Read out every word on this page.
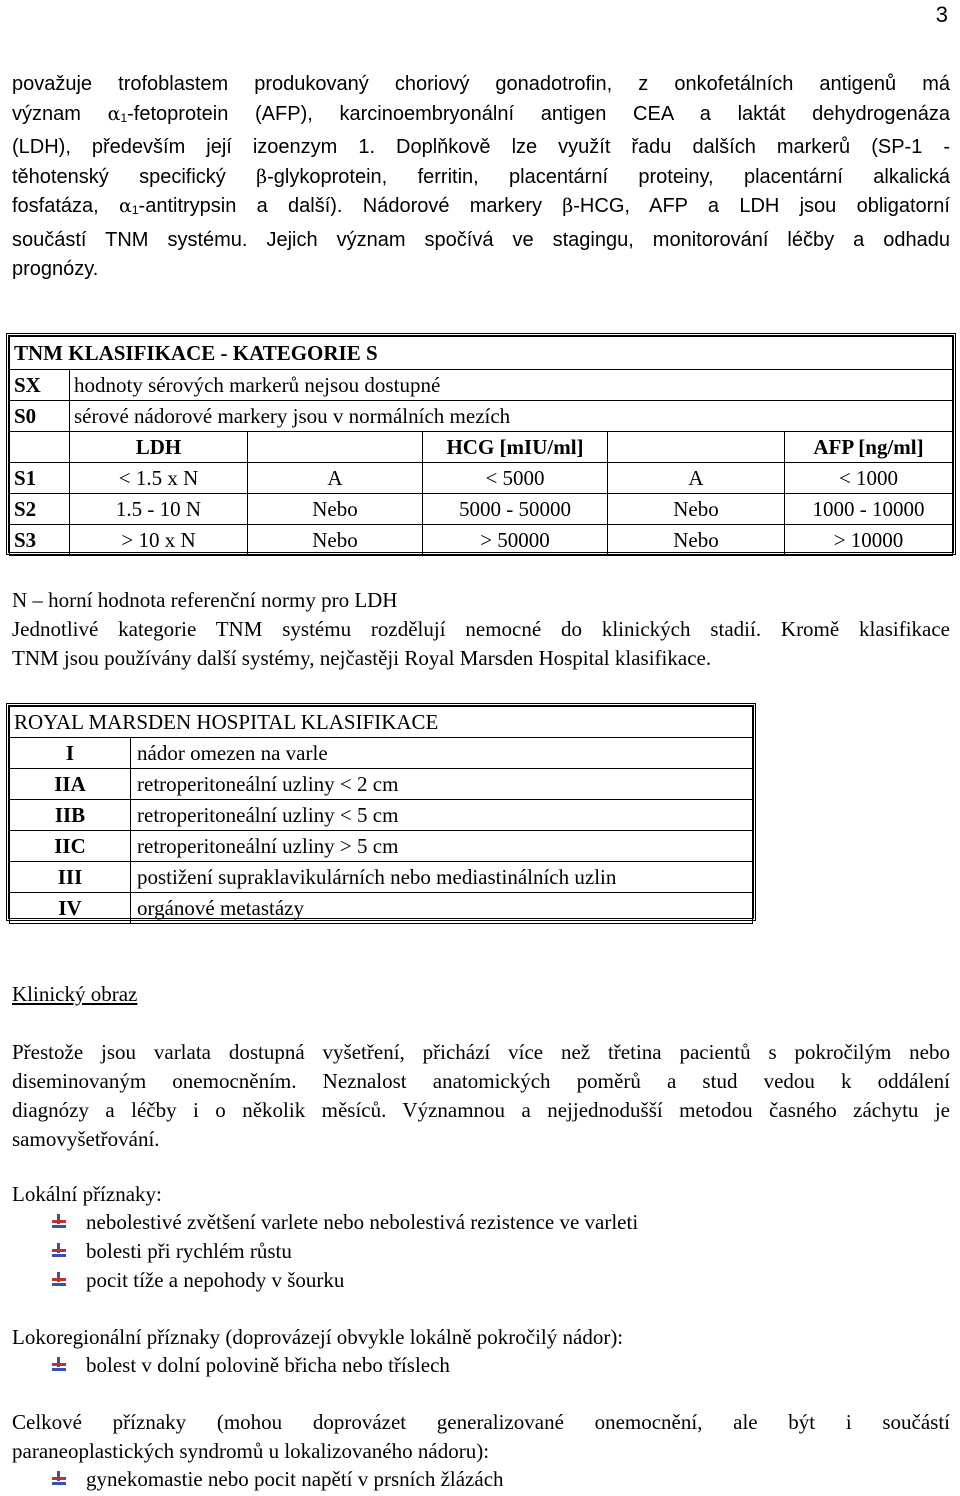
3

považuje trofoblastem produkovaný choriový gonadotrofin, z onkofetálních antigenů má
význam $\alpha_1$-fetoprotein (AFP), karcinoembryonální antigen CEA a laktát dehydrogenáza
(LDH), především její izoenzym 1. Doplňkově lze využít řadu dalších markerů (SP-1 -
těhotenský specifický β-glykoprotein, ferritin, placentární proteiny, placentární alkalická
fosfatáza, $\alpha_1$-antitrypsin a další). Nádorové markery β-HCG, AFP a LDH jsou obligatorní
součástí TNM systému. Jejich význam spočívá ve stagingu, monitorování léčby a odhadu
prognózy.

TNM KLASIFIKACE - KATEGORIE S					
SX	hodnoty sérových markerů nejsou dostupné				
S0	sérové nádorové markery jsou v normálních mezích				
	LDH		HCG [mIU/ml]		AFP [ng/ml]
S1	< 1.5 x N	A	< 5000	A	< 1000
S2	1.5 - 10 N	Nebo	5000 - 50000	Nebo	1000 - 10000
S3	> 10 x N	Nebo	> 50000	Nebo	> 10000

N – horní hodnota referenční normy pro LDH
Jednotlivé kategorie TNM systému rozdělují nemocné do klinických stadií. Kromě klasifikace
TNM jsou používány další systémy, nejčastěji Royal Marsden Hospital klasifikace.

ROYAL MARSDEN HOSPITAL KLASIFIKACE	
I	nádor omezen na varle
IIA	retroperitoneální uzliny < 2 cm
IIB	retroperitoneální uzliny < 5 cm
IIC	retroperitoneální uzliny > 5 cm
III	postižení supraklavikulárních nebo mediastinálních uzlin
IV	orgánové metastázy
Klinický obraz

Přestože jsou varlata dostupná vyšetření, přichází více než třetina pacientů s pokročilým nebo
diseminovaným onemocněním. Neznalost anatomických poměrů a stud vedou k oddálení
diagnózy a léčby i o několik měsíců. Významnou a nejjednodušší metodou časného záchytu je
samovyšetřování.

Lokální příznaky:
nebolestivé zvětšení varlete nebo nebolestivá rezistence ve varleti
bolesti při rychlém růstu
pocit tíže a nepohody v šourku
Lokoregionální příznaky (doprovázejí obvykle lokálně pokročilý nádor):
bolest v dolní polovině břicha nebo tříslech

Celkové příznaky (mohou doprovázet generalizované onemocnění, ale být i součástí
paraneoplastických syndromů u lokalizovaného nádoru):

gynekomastie nebo pocit napětí v prsních žlázách
